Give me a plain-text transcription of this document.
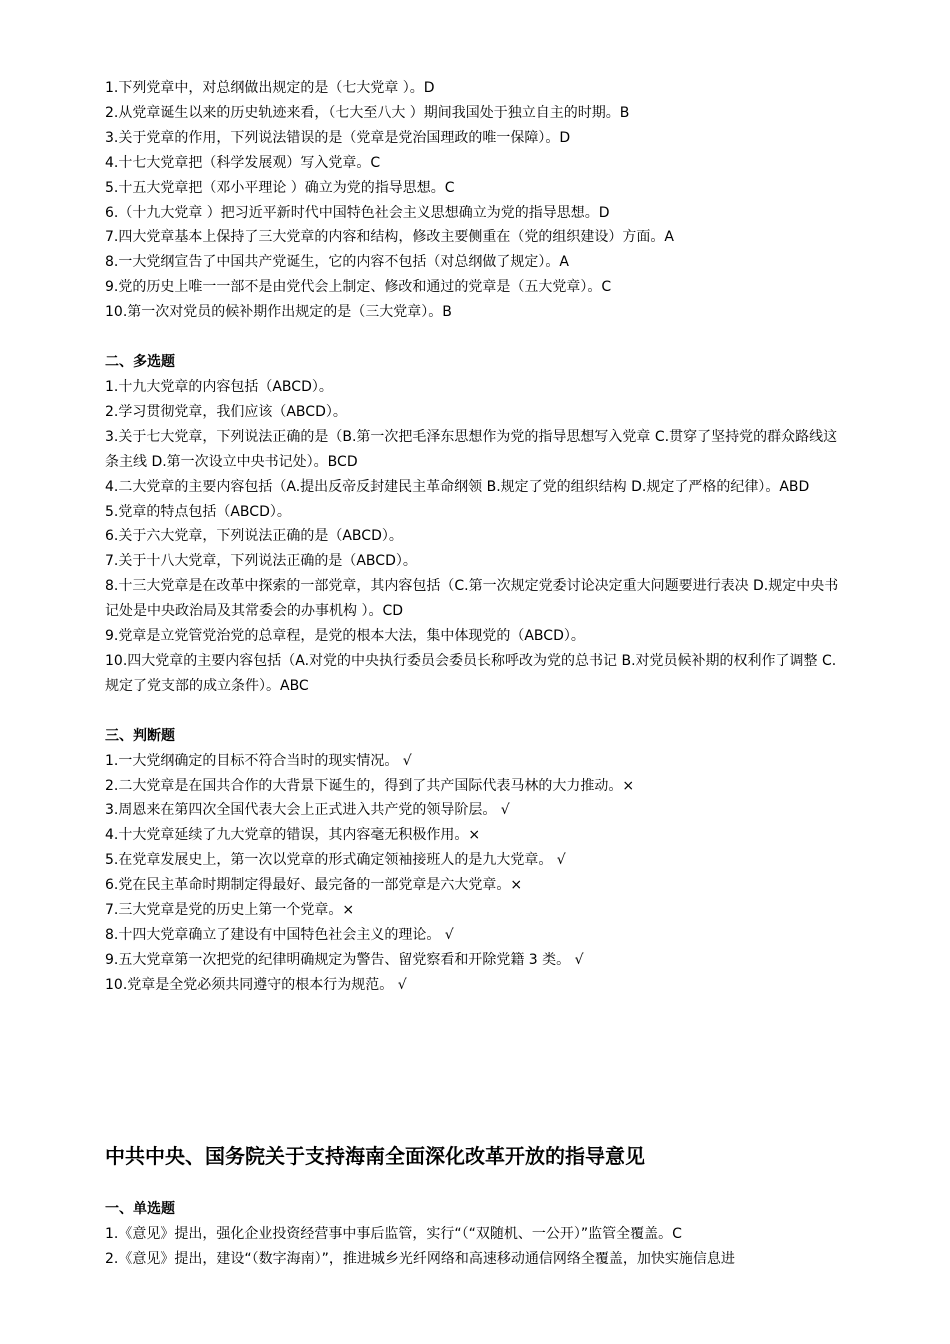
1.下列党章中，对总纲做出规定的是（七大党章 ）。D

2.从党章诞生以来的历史轨迹来看，（七大至八大 ）期间我国处于独立自主的时期。B

3.关于党章的作用，下列说法错误的是（党章是党治国理政的唯一保障）。D

4.十七大党章把（科学发展观）写入党章。C

5.十五大党章把（邓小平理论 ）确立为党的指导思想。C

6.（十九大党章 ）把习近平新时代中国特色社会主义思想确立为党的指导思想。D

7.四大党章基本上保持了三大党章的内容和结构，修改主要侧重在（党的组织建设）方面。A

8.一大党纲宣告了中国共产党诞生，它的内容不包括（对总纲做了规定）。A

9.党的历史上唯一一部不是由党代会上制定、修改和通过的党章是（五大党章）。C

10.第一次对党员的候补期作出规定的是（三大党章）。B

二、多选题

1.十九大党章的内容包括（ABCD）。

2.学习贯彻党章，我们应该（ABCD）。

3.关于七大党章，下列说法正确的是（B.第一次把毛泽东思想作为党的指导思想写入党章 C.贯穿了坚持党的群众路线这条主线 D.第一次设立中央书记处）。BCD

4.二大党章的主要内容包括（A.提出反帝反封建民主革命纲领 B.规定了党的组织结构 D.规定了严格的纪律）。ABD

5.党章的特点包括（ABCD）。

6.关于六大党章，下列说法正确的是（ABCD）。

7.关于十八大党章，下列说法正确的是（ABCD）。

8.十三大党章是在改革中探索的一部党章，其内容包括（C.第一次规定党委讨论决定重大问题要进行表决 D.规定中央书记处是中央政治局及其常委会的办事机构 ）。CD

9.党章是立党管党治党的总章程，是党的根本大法，集中体现党的（ABCD）。

10.四大党章的主要内容包括（A.对党的中央执行委员会委员长称呼改为党的总书记 B.对党员候补期的权利作了调整 C.规定了党支部的成立条件）。ABC

三、判断题

1.一大党纲确定的目标不符合当时的现实情况。 √

2.二大党章是在国共合作的大背景下诞生的，得到了共产国际代表马林的大力推动。×

3.周恩来在第四次全国代表大会上正式进入共产党的领导阶层。 √

4.十大党章延续了九大党章的错误，其内容毫无积极作用。×

5.在党章发展史上，第一次以党章的形式确定领袖接班人的是九大党章。 √

6.党在民主革命时期制定得最好、最完备的一部党章是六大党章。×

7.三大党章是党的历史上第一个党章。×

8.十四大党章确立了建设有中国特色社会主义的理论。 √

9.五大党章第一次把党的纪律明确规定为警告、留党察看和开除党籍 3 类。 √

10.党章是全党必须共同遵守的根本行为规范。 √

中共中央、国务院关于支持海南全面深化改革开放的指导意见

一、单选题

1.《意见》提出，强化企业投资经营事中事后监管，实行“（“双随机、一公开）”监管全覆盖。C

2.《意见》提出，建设“（数字海南）”，推进城乡光纤网络和高速移动通信网络全覆盖，加快实施信息进
